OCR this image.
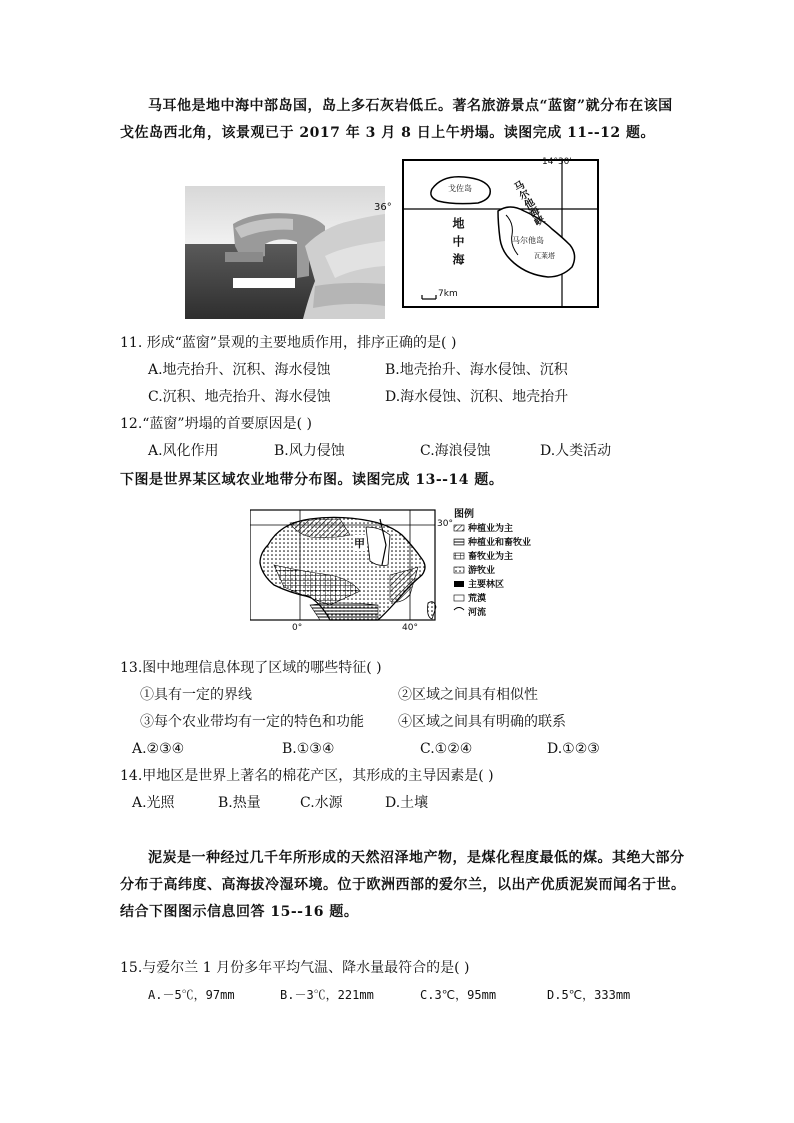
马耳他是地中海中部岛国，岛上多石灰岩低丘。著名旅游景点“蓝窗”就分布在该国
戈佐岛西北角，该景观已于 2017 年 3 月 8 日上午坍塌。读图完成 11--12 题。
14°30'
36°
戈佐岛
马尔他岛
马尔他海峡
地中海	瓦莱塔
7km
11. 形成“蓝窗”景观的主要地质作用，排序正确的是( )
A.地壳抬升、沉积、海水侵蚀	B.地壳抬升、海水侵蚀、沉积
C.沉积、地壳抬升、海水侵蚀	D.海水侵蚀、沉积、地壳抬升
12.“蓝窗”坍塌的首要原因是( )
A.风化作用	B.风力侵蚀	C.海浪侵蚀	D.人类活动
下图是世界某区域农业地带分布图。读图完成 13--14 题。
甲
30°
0°	40°
图例
种植业为主
种植业和畜牧业
畜牧业为主
游牧业
主要林区
荒漠
河流
13.图中地理信息体现了区域的哪些特征( )
①具有一定的界线	②区域之间具有相似性
③每个农业带均有一定的特色和功能 ④区域之间具有明确的联系
A.②③④	B.①③④	C.①②④	D.①②③
14.甲地区是世界上著名的棉花产区，其形成的主导因素是( )
A.光照	B.热量	C.水源	D.土壤
泥炭是一种经过几千年所形成的天然沼泽地产物，是煤化程度最低的煤。其绝大部分
分布于高纬度、高海拔冷湿环境。位于欧洲西部的爱尔兰，以出产优质泥炭而闻名于世。
结合下图图示信息回答 15--16 题。
15.与爱尔兰 1 月份多年平均气温、降水量最符合的是( )
A.－5℃，97mm	B.－3℃，221mm	C.3℃，95mm	D.5℃，333mm
